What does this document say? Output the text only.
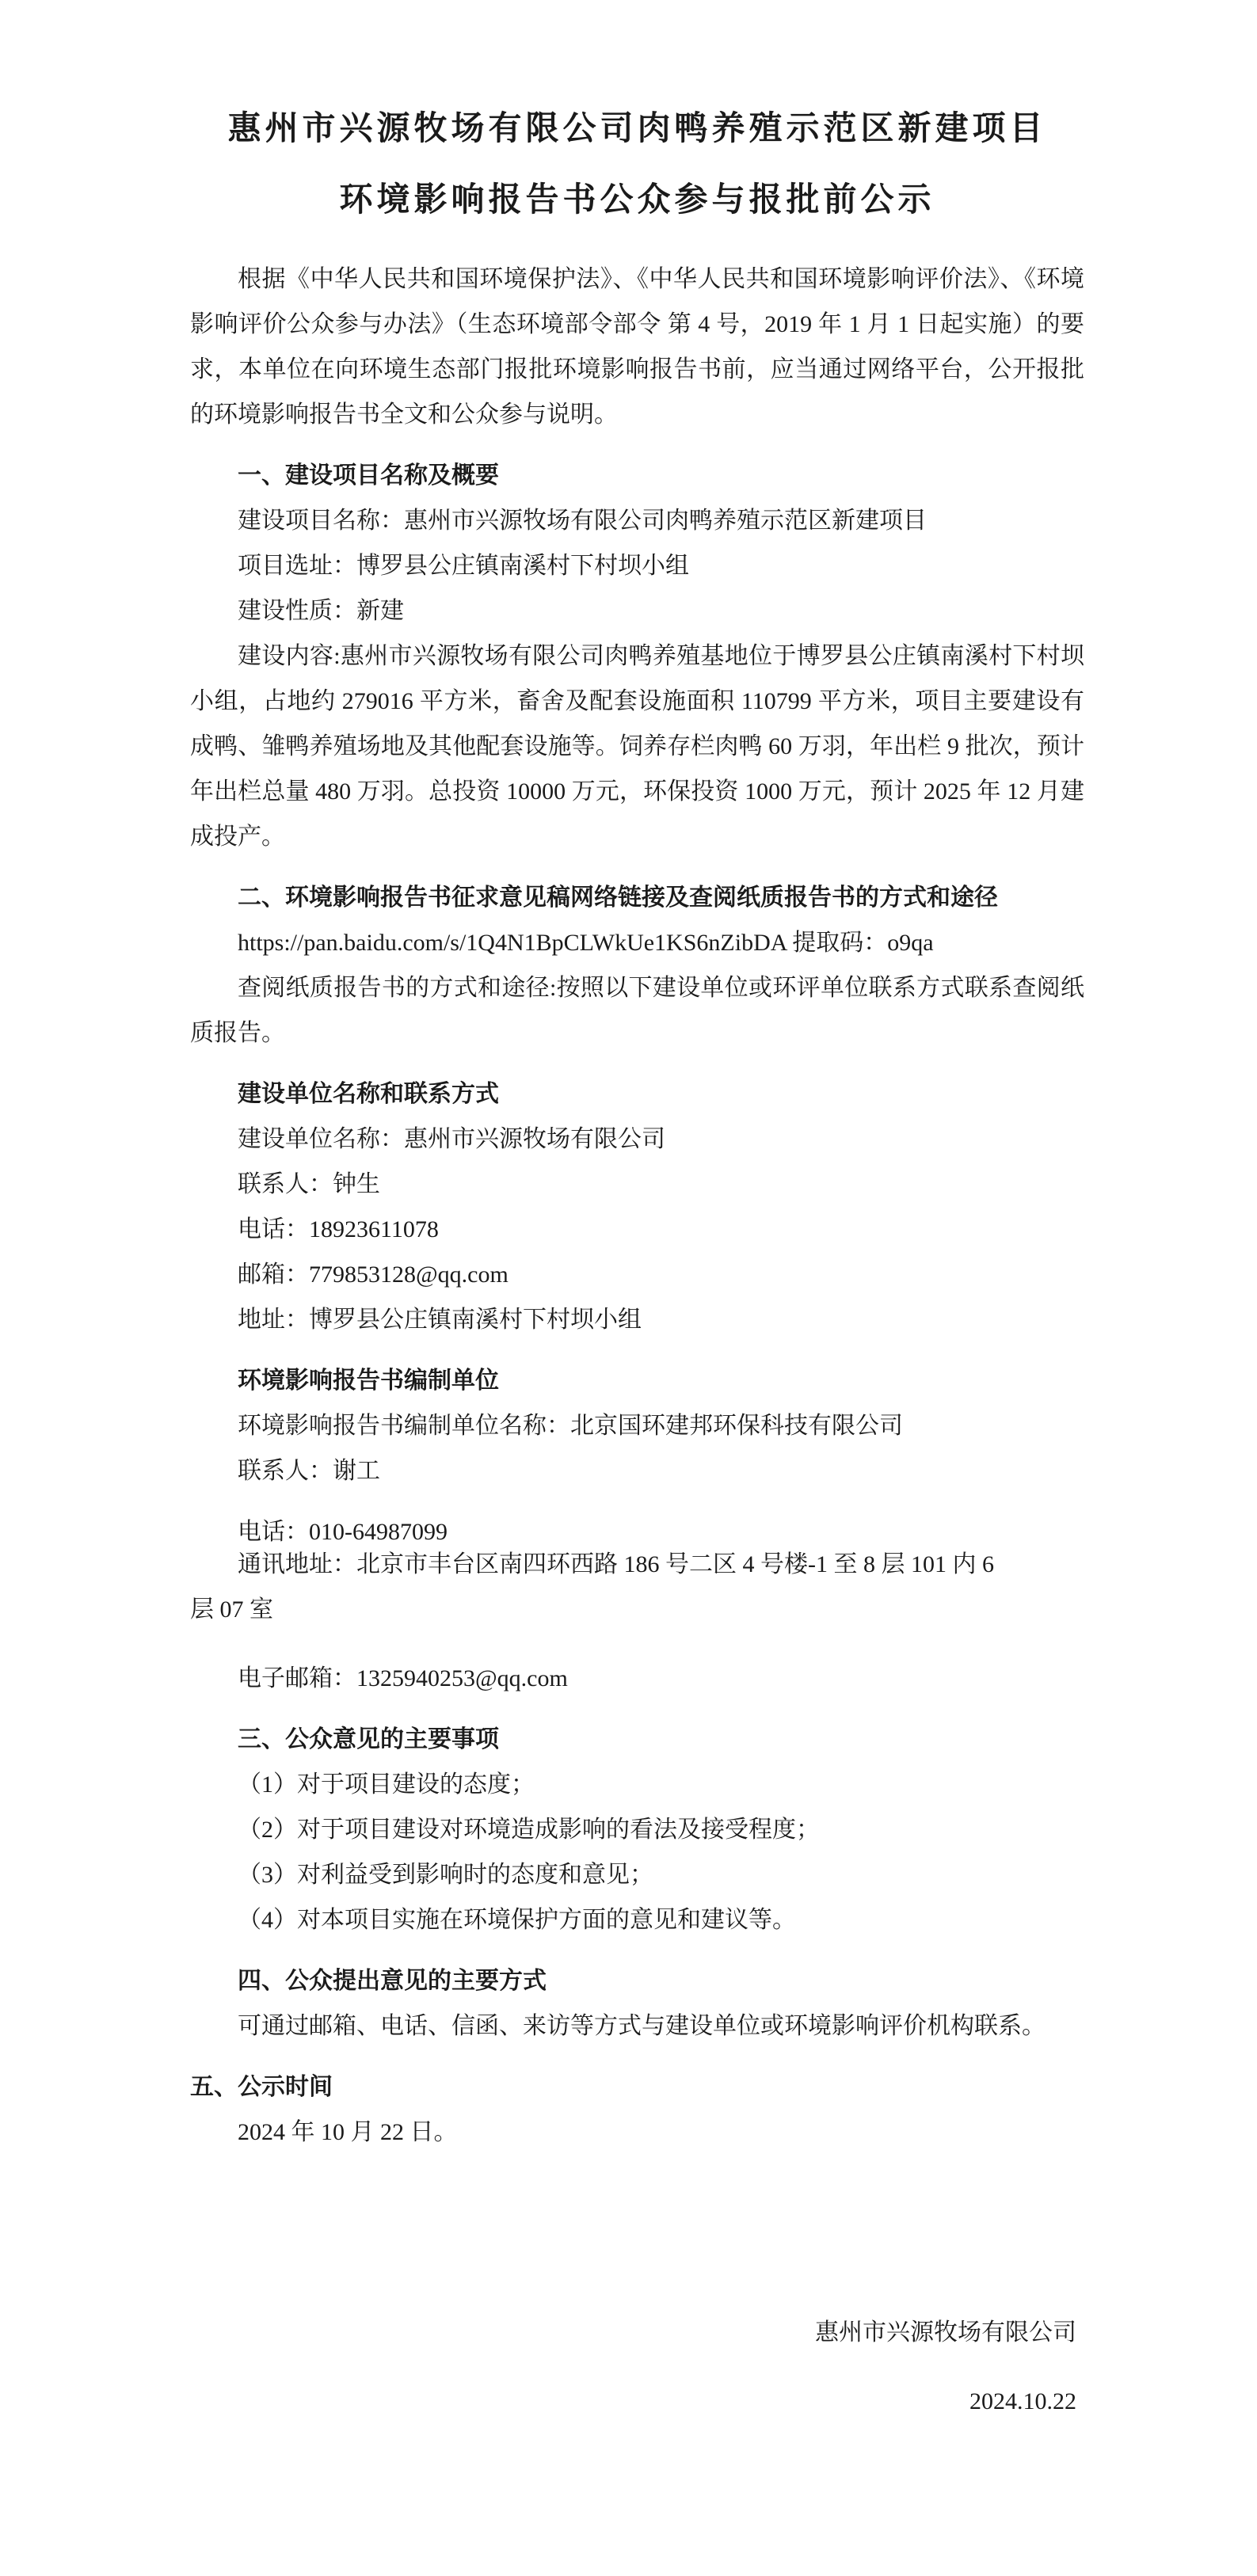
惠州市兴源牧场有限公司肉鸭养殖示范区新建项目
环境影响报告书公众参与报批前公示

根据《中华人民共和国环境保护法》、《中华人民共和国环境影响评价法》、《环境影响评价公众参与办法》（生态环境部令部令 第 4 号，2019 年 1 月 1 日起实施）的要求，本单位在向环境生态部门报批环境影响报告书前，应当通过网络平台，公开报批的环境影响报告书全文和公众参与说明。

一、建设项目名称及概要

建设项目名称：惠州市兴源牧场有限公司肉鸭养殖示范区新建项目

项目选址：博罗县公庄镇南溪村下村坝小组

建设性质：新建

建设内容:惠州市兴源牧场有限公司肉鸭养殖基地位于博罗县公庄镇南溪村下村坝小组，占地约 279016 平方米，畜舍及配套设施面积 110799 平方米，项目主要建设有成鸭、雏鸭养殖场地及其他配套设施等。饲养存栏肉鸭 60 万羽，年出栏 9 批次，预计年出栏总量 480 万羽。总投资 10000 万元，环保投资 1000 万元，预计 2025 年 12 月建成投产。

二、环境影响报告书征求意见稿网络链接及查阅纸质报告书的方式和途径

https://pan.baidu.com/s/1Q4N1BpCLWkUe1KS6nZibDA 提取码：o9qa

查阅纸质报告书的方式和途径:按照以下建设单位或环评单位联系方式联系查阅纸质报告。

建设单位名称和联系方式

建设单位名称：惠州市兴源牧场有限公司

联系人：钟生

电话：18923611078

邮箱：779853128@qq.com

地址：博罗县公庄镇南溪村下村坝小组

环境影响报告书编制单位

环境影响报告书编制单位名称：北京国环建邦环保科技有限公司

联系人：谢工

电话：010-64987099

通讯地址：北京市丰台区南四环西路 186 号二区 4 号楼-1 至 8 层 101 内 6

层 07 室

电子邮箱：1325940253@qq.com

三、公众意见的主要事项

（1）对于项目建设的态度；

（2）对于项目建设对环境造成影响的看法及接受程度；

（3）对利益受到影响时的态度和意见；

（4）对本项目实施在环境保护方面的意见和建议等。

四、公众提出意见的主要方式

可通过邮箱、电话、信函、来访等方式与建设单位或环境影响评价机构联系。

五、公示时间

2024 年 10 月 22 日。

惠州市兴源牧场有限公司

2024.10.22
